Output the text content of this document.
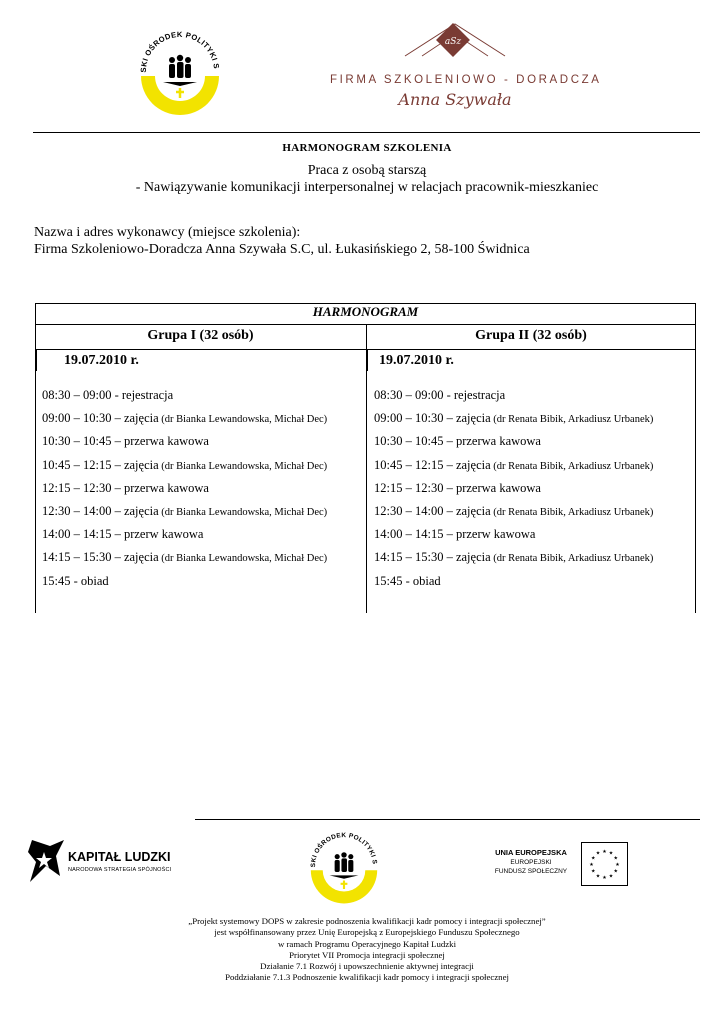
SKI OŚRODEK POLITYKI S
aSz
FIRMA SZKOLENIOWO - DORADCZA
Anna Szywała
HARMONOGRAM SZKOLENIA
Praca z osobą starszą
- Nawiązywanie komunikacji interpersonalnej w relacjach pracownik-mieszkaniec
Nazwa i adres wykonawcy (miejsce szkolenia):
Firma Szkoleniowo-Doradcza Anna Szywała S.C, ul. Łukasińskiego 2, 58-100 Świdnica
HARMONOGRAM
Grupa I (32 osób)	Grupa II (32 osób)
19.07.2010 r.	19.07.2010 r.
08:30 – 09:00 - rejestracja
09:00 – 10:30 – zajęcia (dr Bianka Lewandowska, Michał Dec)
10:30 – 10:45 – przerwa kawowa
10:45 – 12:15 – zajęcia (dr Bianka Lewandowska, Michał Dec)
12:15 – 12:30 – przerwa kawowa
12:30 – 14:00 – zajęcia (dr Bianka Lewandowska, Michał Dec)
14:00 – 14:15 – przerw kawowa
14:15 – 15:30 – zajęcia (dr Bianka Lewandowska, Michał Dec)
15:45 - obiad
08:30 – 09:00 - rejestracja
09:00 – 10:30 – zajęcia (dr Renata Bibik, Arkadiusz Urbanek)
10:30 – 10:45 – przerwa kawowa
10:45 – 12:15 – zajęcia (dr Renata Bibik, Arkadiusz Urbanek)
12:15 – 12:30 – przerwa kawowa
12:30 – 14:00 – zajęcia (dr Renata Bibik, Arkadiusz Urbanek)
14:00 – 14:15 – przerw kawowa
14:15 – 15:30 – zajęcia (dr Renata Bibik, Arkadiusz Urbanek)
15:45 - obiad
KAPITAŁ LUDZKI
NARODOWA STRATEGIA SPÓJNOŚCI
SKI OŚRODEK POLITYKI S
UNIA EUROPEJSKA
EUROPEJSKI
FUNDUSZ SPOŁECZNY
★ ★
★
★
★
★
★
★
★
★
★
★
„Projekt systemowy DOPS w zakresie podnoszenia kwalifikacji kadr pomocy i integracji społecznej”
jest współfinansowany przez Unię Europejską z Europejskiego Funduszu Społecznego
w ramach Programu Operacyjnego Kapitał Ludzki
Priorytet VII Promocja integracji społecznej
Działanie 7.1 Rozwój i upowszechnienie aktywnej integracji
Poddziałanie 7.1.3 Podnoszenie kwalifikacji kadr pomocy i integracji społecznej
